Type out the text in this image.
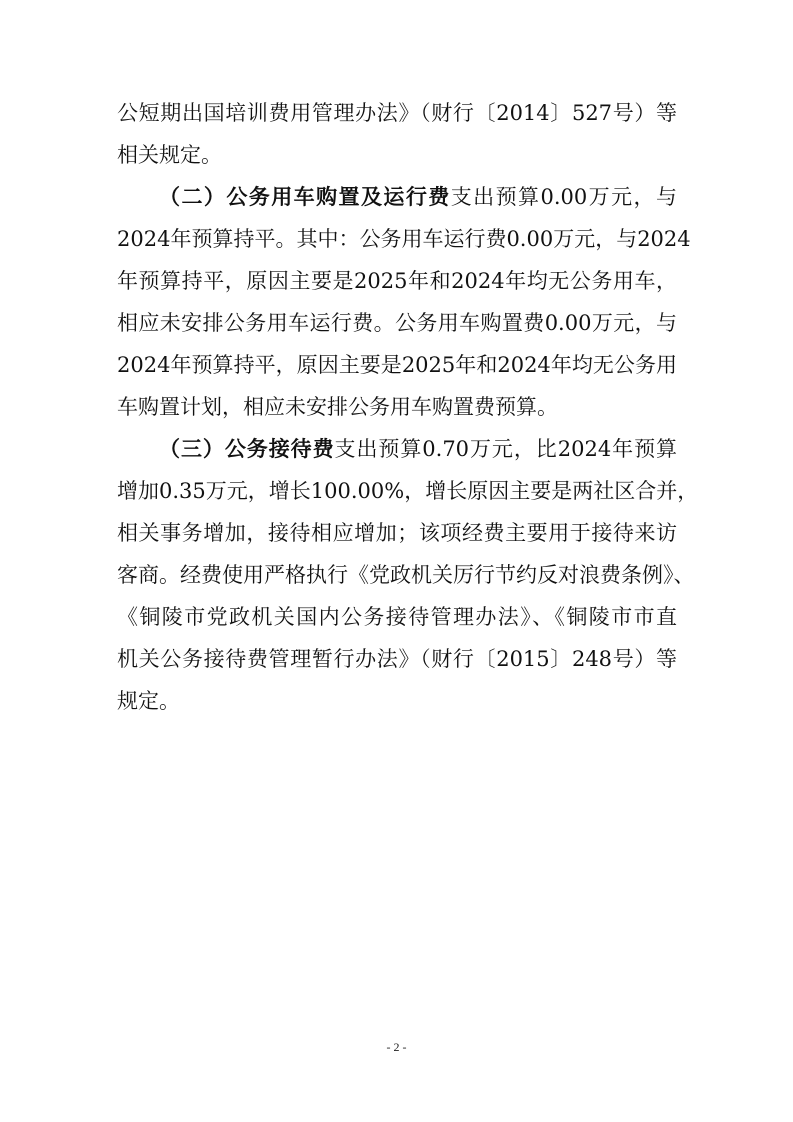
公短期出国培训费用管理办法》（财行〔2014〕527号）等
相关规定。
（二）公务用车购置及运行费支出预算0.00万元，与
2024年预算持平。其中：公务用车运行费0.00万元，与2024
年预算持平，原因主要是2025年和2024年均无公务用车，
相应未安排公务用车运行费。公务用车购置费0.00万元，与
2024年预算持平，原因主要是2025年和2024年均无公务用
车购置计划，相应未安排公务用车购置费预算。
（三）公务接待费支出预算0.70万元，比2024年预算
增加0.35万元，增长100.00%，增长原因主要是两社区合并，
相关事务增加，接待相应增加；该项经费主要用于接待来访
客商。经费使用严格执行《党政机关厉行节约反对浪费条例》、
《铜陵市党政机关国内公务接待管理办法》、《铜陵市市直
机关公务接待费管理暂行办法》（财行〔2015〕248号）等
规定。
- 2 -
